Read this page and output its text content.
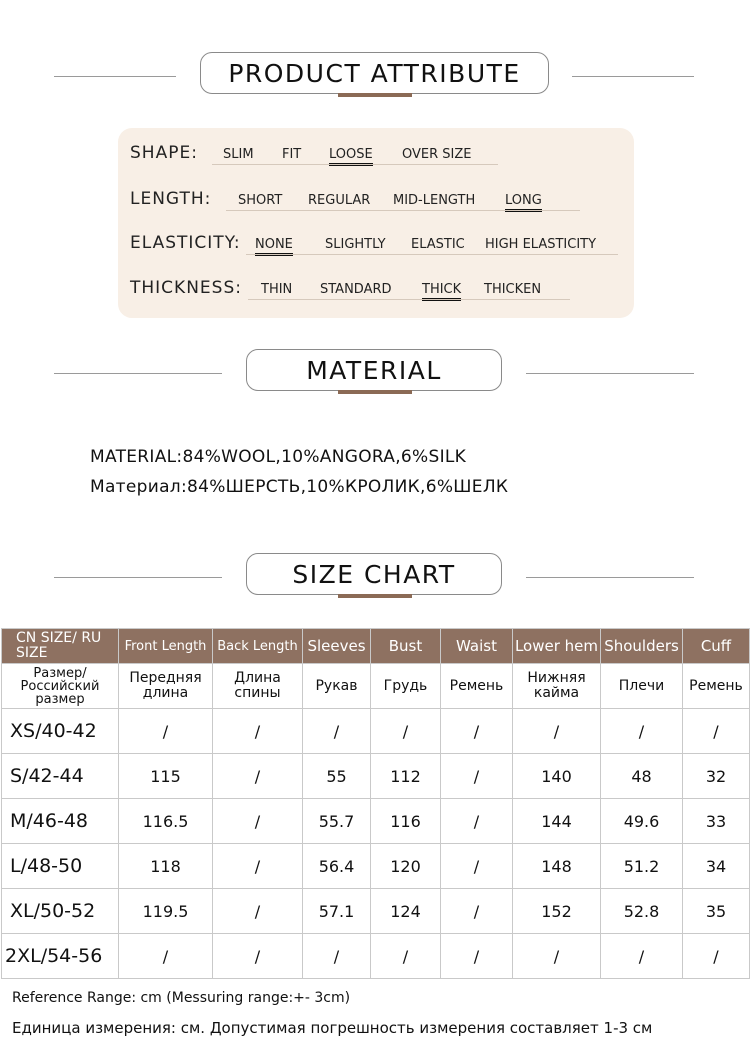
PRODUCT ATTRIBUTE
SHAPE: SLIM FIT LOOSE OVER SIZE
LENGTH: SHORT REGULAR MID-LENGTH LONG
ELASTICITY: NONE SLIGHTLY ELASTIC HIGH ELASTICITY
THICKNESS: THIN STANDARD THICK THICKEN
MATERIAL
MATERIAL:84%WOOL,10%ANGORA,6%SILK
Материал:84%ШЕРСТЬ,10%КРОЛИК,6%ШЕЛК
SIZE CHART
CN SIZE/ RU SIZE	Front Length	Back Length	Sleeves	Bust	Waist	Lower hem	Shoulders	Cuff
Размер/ Российский размер	Передняя длина	Длина спины	Рукав	Грудь	Ремень	Нижняя кайма	Плечи	Ремень
XS/40-42	/	/	/	/	/	/	/	/
S/42-44	115	/	55	112	/	140	48	32
M/46-48	116.5	/	55.7	116	/	144	49.6	33
L/48-50	118	/	56.4	120	/	148	51.2	34
XL/50-52	119.5	/	57.1	124	/	152	52.8	35
2XL/54-56	/	/	/	/	/	/	/	/
Reference Range: cm (Messuring range:+- 3cm)
Единица измерения: см. Допустимая погрешность измерения составляет 1-3 см
